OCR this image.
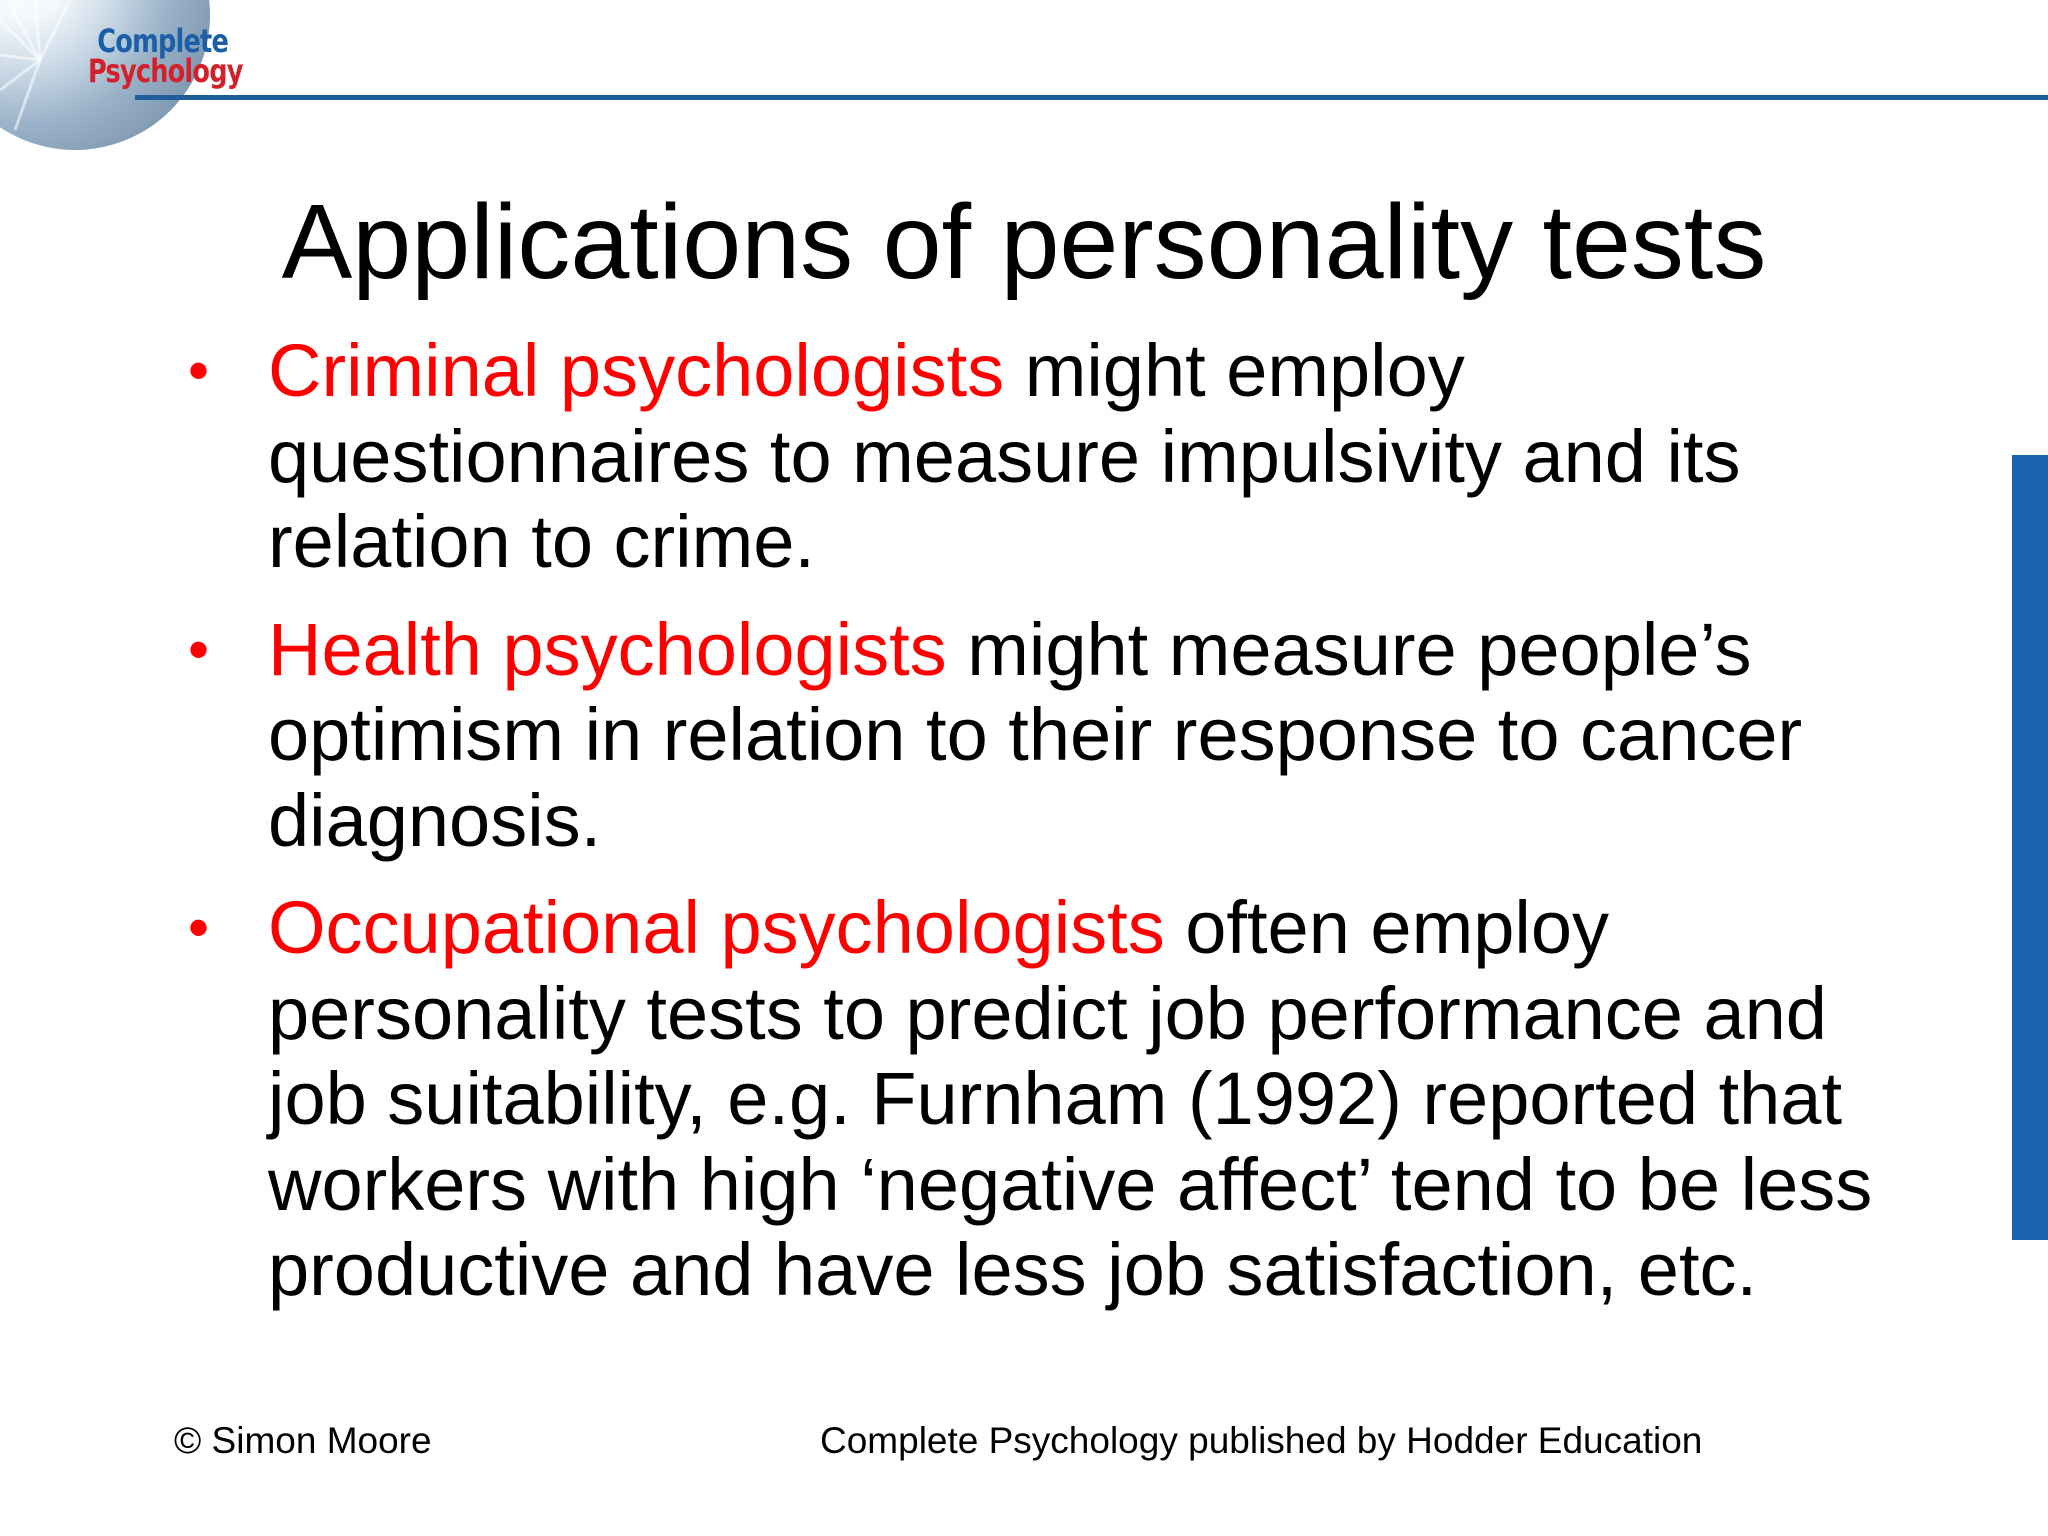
Complete
Psychology
Applications of personality tests
• Criminal psychologists might employ questionnaires to measure impulsivity and its relation to crime.
• Health psychologists might measure people’s optimism in relation to their response to cancer diagnosis.
• Occupational psychologists often employ personality tests to predict job performance and job suitability, e.g. Furnham (1992) reported that workers with high ‘negative affect’ tend to be less productive and have less job satisfaction, etc.
© Simon Moore	Complete Psychology published by Hodder Education
